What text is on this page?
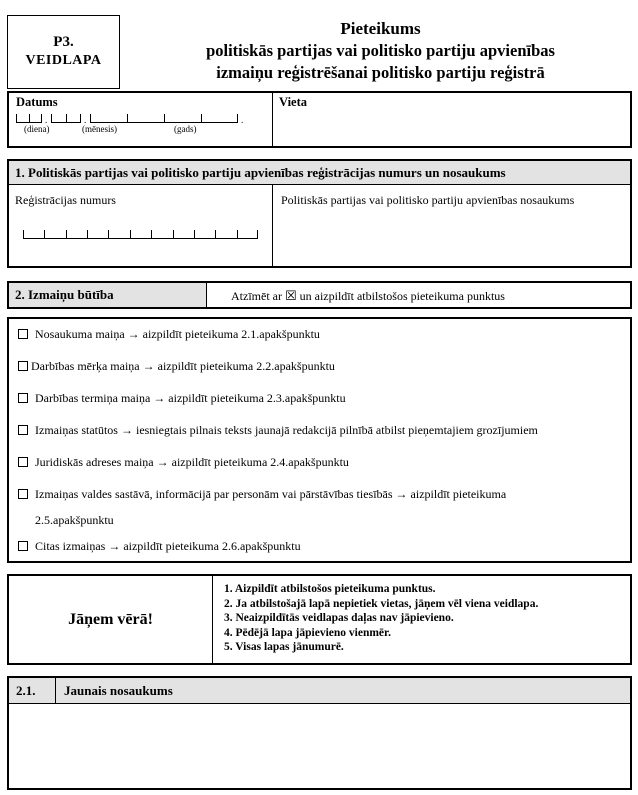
P3.
VEIDLAPA
Pieteikums
politiskās partijas vai politisko partiju apvienības
izmaiņu reģistrēšanai politisko partiju reģistrā
Datums
.	.	.
(diena)	(mēnesis)	(gads)
Vieta
1. Politiskās partijas vai politisko partiju apvienības reģistrācijas numurs un nosaukums
Reģistrācijas numurs	Politiskās partijas vai politisko partiju apvienības nosaukums
2. Izmaiņu būtība	Atzīmēt ar ☒ un aizpildīt atbilstošos pieteikuma punktus
Nosaukuma maiņa → aizpildīt pieteikuma 2.1.apakšpunktu
Darbības mērķa maiņa → aizpildīt pieteikuma 2.2.apakšpunktu
Darbības termiņa maiņa → aizpildīt pieteikuma 2.3.apakšpunktu
Izmaiņas statūtos → iesniegtais pilnais teksts jaunajā redakcijā pilnībā atbilst pieņemtajiem grozījumiem
Juridiskās adreses maiņa → aizpildīt pieteikuma 2.4.apakšpunktu
Izmaiņas valdes sastāvā, informācijā par personām vai pārstāvības tiesībās → aizpildīt pieteikuma
2.5.apakšpunktu
Citas izmaiņas → aizpildīt pieteikuma 2.6.apakšpunktu
Jāņem vērā!
1. Aizpildīt atbilstošos pieteikuma punktus.
2. Ja atbilstošajā lapā nepietiek vietas, jāņem vēl viena veidlapa.
3. Neaizpildītās veidlapas daļas nav jāpievieno.
4. Pēdējā lapa jāpievieno vienmēr.
5. Visas lapas jānumurē.
2.1. Jaunais nosaukums
